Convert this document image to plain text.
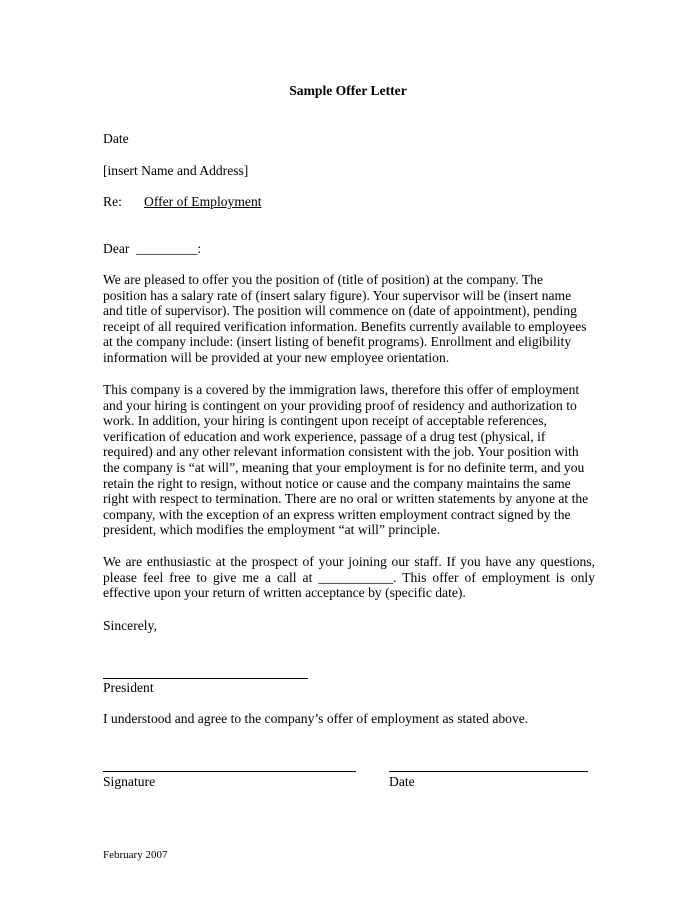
Sample Offer Letter
Date
[insert Name and Address]
Re: Offer of Employment
Dear  _________:
We are pleased to offer you the position of (title of position) at the company. The
position has a salary rate of (insert salary figure). Your supervisor will be (insert name
and title of supervisor). The position will commence on (date of appointment), pending
receipt of all required verification information. Benefits currently available to employees
at the company include: (insert listing of benefit programs). Enrollment and eligibility
information will be provided at your new employee orientation.
This company is a covered by the immigration laws, therefore this offer of employment
and your hiring is contingent on your providing proof of residency and authorization to
work. In addition, your hiring is contingent upon receipt of acceptable references,
verification of education and work experience, passage of a drug test (physical, if
required) and any other relevant information consistent with the job. Your position with
the company is “at will”, meaning that your employment is for no definite term, and you
retain the right to resign, without notice or cause and the company maintains the same
right with respect to termination. There are no oral or written statements by anyone at the
company, with the exception of an express written employment contract signed by the
president, which modifies the employment “at will” principle.
We are enthusiastic at the prospect of your joining our staff. If you have any questions,
please feel free to give me a call at ___________. This offer of employment is only
effective upon your return of written acceptance by (specific date).
Sincerely,
President
I understood and agree to the company’s offer of employment as stated above.
Signature	Date
February 2007
